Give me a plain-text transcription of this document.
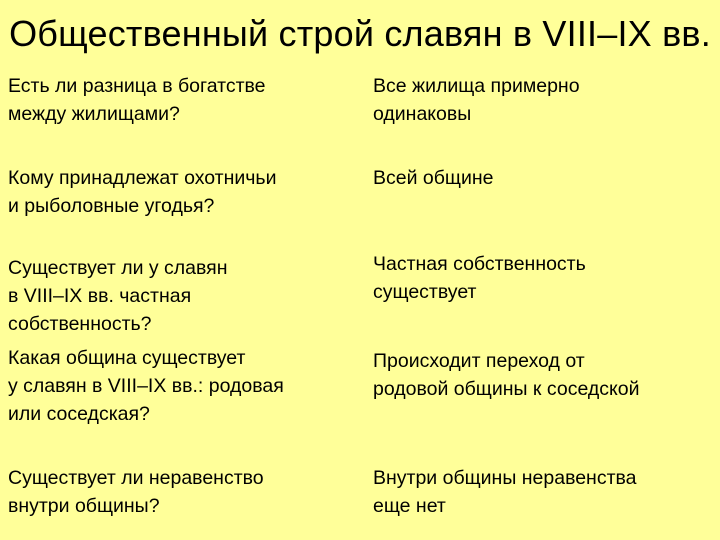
Общественный строй славян в VIII–IX вв.
Есть ли разница в богатстве
между жилищами?
Все жилища примерно
одинаковы
Кому принадлежат охотничьи
и рыболовные угодья?
Всей общине
Существует ли у славян
в VIII–IX вв. частная
собственность?
Частная собственность
существует
Какая община существует
у славян в VIII–IX вв.: родовая
или соседская?
Происходит переход от
родовой общины к соседской
Существует ли неравенство
внутри общины?
Внутри общины неравенства
еще нет
